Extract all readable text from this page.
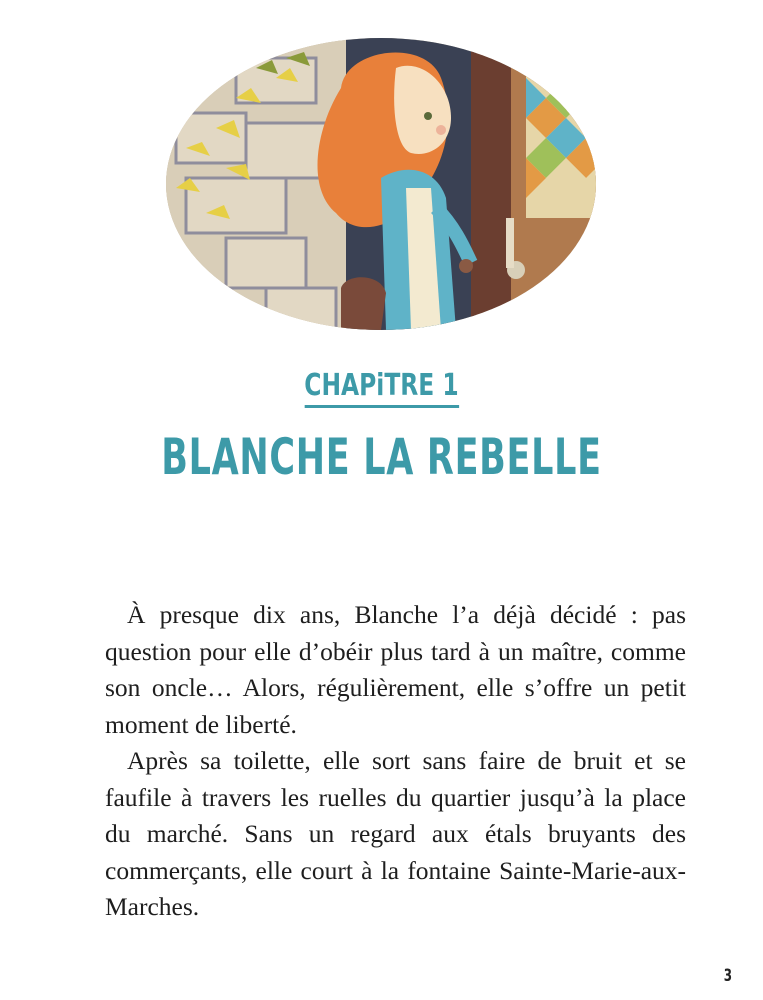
CHAPiTRE 1
BLANCHE LA REBELLE

À presque dix ans, Blanche l’a déjà décidé : pas question pour elle d’obéir plus tard à un maître, comme son oncle… Alors, régulièrement, elle s’offre un petit moment de liberté.

Après sa toilette, elle sort sans faire de bruit et se faufile à travers les ruelles du quartier jusqu’à la place du marché. Sans un regard aux étals bruyants des commerçants, elle court à la fontaine Sainte-Marie-aux-Marches.

3
